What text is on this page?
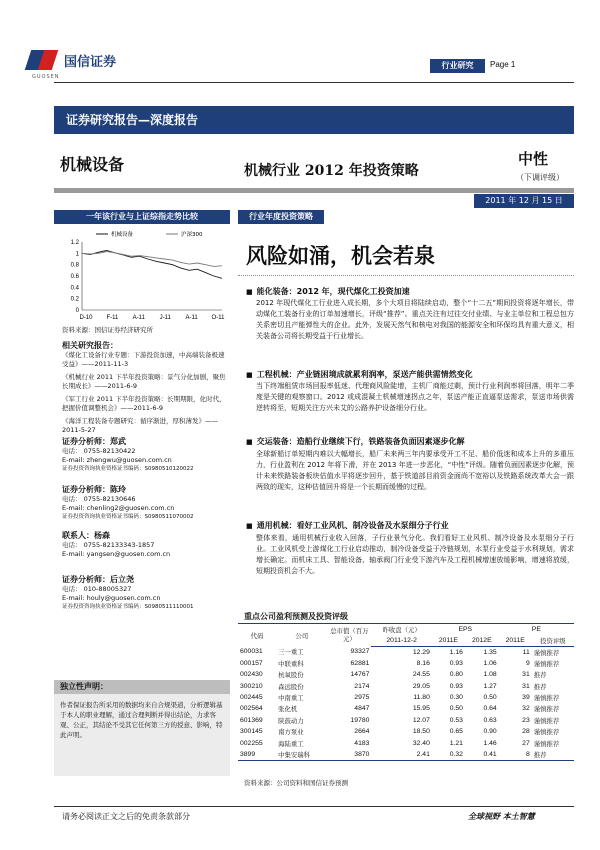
国信证券
GUOSEN
行业研究	Page 1
证券研究报告—深度报告
机械设备	机械行业 2012 年投资策略
中性
（下调评级）
2011 年 12 月 15 日
一年该行业与上证综指走势比较
1.2
1
0.8
0.6
0.4
0.2
0
D-10 F-11 A-11 J-11 A-11 O-11
机械设备	沪深300
资料来源：国信证券经济研究所
相关研究报告：
《煤化工设备行业专题：下游投资加速，中高端装备极速受益》——2011-11-3
《机械行业 2011 下半年投资策略：景气分化加剧，聚焦长期成长》——2011-6-9
《军工行业 2011 下半年投资策略：长期期限，化时代，把握价值调整机会》——2011-6-9
《海洋工程装备专题研究：循序渐进，厚积薄发》——2011-5-27
证券分析师：郑武
电话： 0755-82130422
E-mail: zhengwu@guosen.com.cn
证券投资咨询执业资格证书编码：S0980510120022
证券分析师：陈玲
电话： 0755-82130646
E-mail: chenling2@guosen.com.cn
证券投资咨询执业资格证书编码：S0980511070002
联系人：杨森
电话： 0755-82133343-1857
E-mail: yangsen@guosen.com.cn
证券分析师：后立尧
电话： 010-88005327
E-mail: houly@guosen.com.cn
证券投资咨询执业资格证书编码：S0980511110001
独立性声明：
作者保证报告所采用的数据均来自合规渠道，分析逻辑基于本人的职业理解，通过合理判断并得出结论，力求客观、公正，其结论不受其它任何第三方的授意、影响，特此声明。
行业年度投资策略
风险如涌，机会若泉
■ 能化装备：2012 年，现代煤化工投资加速
2012 年现代煤化工行业进入成长期，多个大项目将陆续启动，整个“十二五”期间投资将逐年增长，带动煤化工装备行业的订单加速增长，评级“推荐”。重点关注有过往交付业绩、与业主单位和工程总包方关系密切且产能弹性大的企业。此外，发展天然气和核电对我国的能源安全和环保均具有重大意义，相关装备公司将长期受益于行业增长。
■ 工程机械：产业链困境成就累利润率，泵送产能供需情然变化
当下终端租赁市场回报率低迷、代理商风险陡增，主机厂商能过剩，预计行业利润率将回落，明年二季度是关键的观察窗口。2012 或成混凝土机械增速拐点之年，泵送产能正直逼泵送需求，泵送市场供需逆转将至，短期关注方兴未艾的公路养护设备细分行业。
■ 交运装备：造船行业继续下行，铁路装备负面因素逐步化解
全球新船订单短期内难以大幅增长，船厂未来两三年内要承受开工不足、船价低迷和成本上升的多重压力，行业盈利在 2012 年将下滑，并在 2013 年进一步恶化，“中性”评级。随着负面因素逐步化解，预计未来铁路装备板块估值水平将逐步回升，基于铁道部目前资金面尚不宽裕以及铁路系统改革大会一跟两致的现实，这种估值回升将是一个长期而缓慢的过程。
■ 通用机械：看好工业风机、制冷设备及水泵细分子行业
整体来看，通用机械行业收入回落，子行业景气分化。我们看好工业风机、制冷设备及水泵细分子行业。工业风机受上游煤化工行业启动推动，制冷设备受益于冷链规划，水泵行业受益于水利规划，需求增长确定。而机床工具、智能设备、轴承阀门行业受下游汽车及工程机械增速放缓影响，增速将放缓，短期投资机会不大。
重点公司盈利预测及投资评级
代码	公司	总市值（百万元）	昨收盘（元）	EPS		PE	
			2011-12-2	2011E	2012E	2011E	投资评级
600031	三一重工	93327	12.29	1.16	1.35	11	谨慎推荐
000157	中联重科	62881	8.16	0.93	1.06	9	谨慎推荐
002430	杭氧股份	14767	24.55	0.80	1.08	31	推荐
300210	森远股份	2174	29.05	0.93	1.27	31	推荐
002445	中南重工	2975	11.80	0.30	0.50	39	谨慎推荐
002564	张化机	4847	15.95	0.50	0.64	32	谨慎推荐
601369	陕鼓动力	19780	12.07	0.53	0.63	23	谨慎推荐
300145	南方泵业	2664	18.50	0.65	0.90	28	谨慎推荐
002255	海陆重工	4183	32.40	1.21	1.46	27	谨慎推荐
3899	中集安瑞科	3870	2.41	0.32	0.41	8	推荐
资料来源：公司资料和国信证券预测
请务必阅读正文之后的免责条款部分	全球视野 本土智慧
